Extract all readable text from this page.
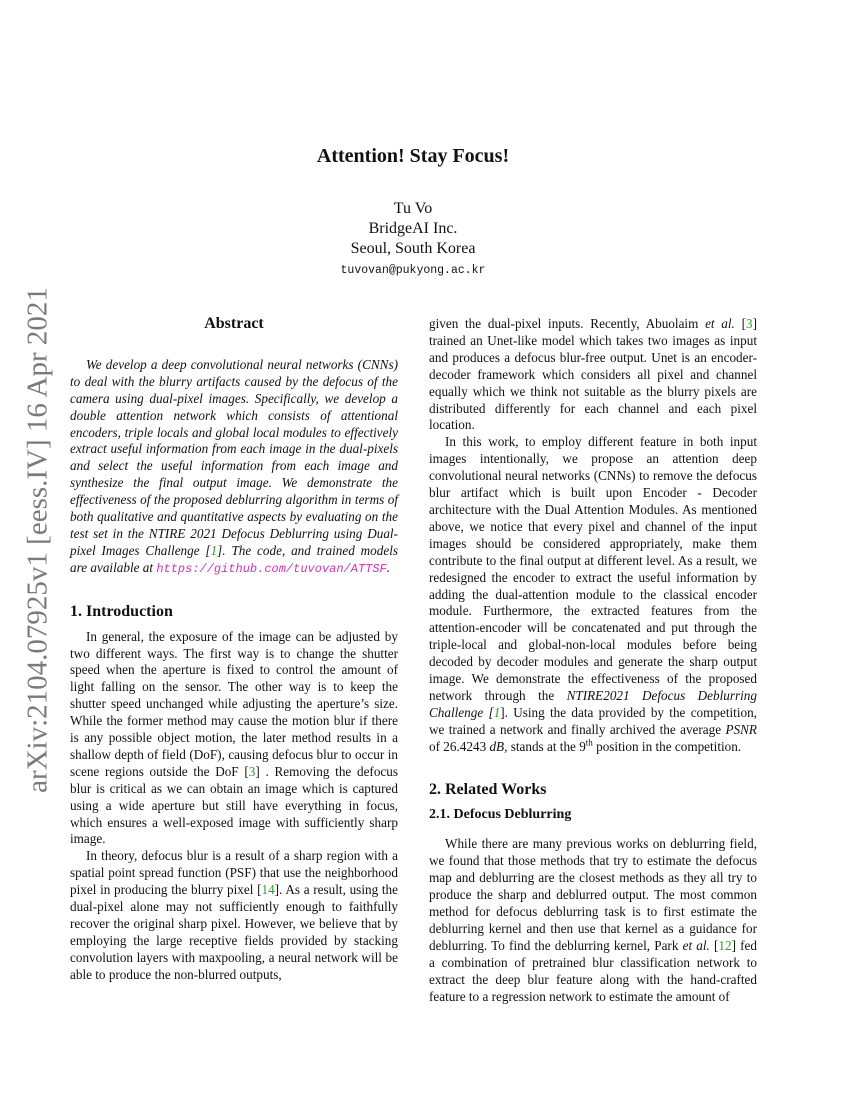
arXiv:2104.07925v1 [eess.IV] 16 Apr 2021
Attention! Stay Focus!
Tu Vo
BridgeAI Inc.
Seoul, South Korea
tuvovan@pukyong.ac.kr
Abstract

We develop a deep convolutional neural networks (CNNs) to deal with the blurry artifacts caused by the defocus of the camera using dual-pixel images. Specifically, we develop a double attention network which consists of attentional encoders, triple locals and global local modules to effectively extract useful information from each image in the dual-pixels and select the useful information from each image and synthesize the final output image. We demonstrate the effectiveness of the proposed deblurring algorithm in terms of both qualitative and quantitative aspects by evaluating on the test set in the NTIRE 2021 Defocus Deblurring using Dual-pixel Images Challenge [1]. The code, and trained models are available at https://github.com/tuvovan/ATTSF.

1. Introduction

In general, the exposure of the image can be adjusted by two different ways. The first way is to change the shutter speed when the aperture is fixed to control the amount of light falling on the sensor. The other way is to keep the shutter speed unchanged while adjusting the aperture’s size. While the former method may cause the motion blur if there is any possible object motion, the later method results in a shallow depth of field (DoF), causing defocus blur to occur in scene regions outside the DoF [3] . Removing the defocus blur is critical as we can obtain an image which is captured using a wide aperture but still have everything in focus, which ensures a well-exposed image with sufficiently sharp image.

In theory, defocus blur is a result of a sharp region with a spatial point spread function (PSF) that use the neighborhood pixel in producing the blurry pixel [14]. As a result, using the dual-pixel alone may not sufficiently enough to faithfully recover the original sharp pixel. However, we believe that by employing the large receptive fields provided by stacking convolution layers with maxpooling, a neural network will be able to produce the non-blurred outputs,

given the dual-pixel inputs. Recently, Abuolaim et al. [3] trained an Unet-like model which takes two images as input and produces a defocus blur-free output. Unet is an encoder-decoder framework which considers all pixel and channel equally which we think not suitable as the blurry pixels are distributed differently for each channel and each pixel location.

In this work, to employ different feature in both input images intentionally, we propose an attention deep convolutional neural networks (CNNs) to remove the defocus blur artifact which is built upon Encoder - Decoder architecture with the Dual Attention Modules. As mentioned above, we notice that every pixel and channel of the input images should be considered appropriately, make them contribute to the final output at different level. As a result, we redesigned the encoder to extract the useful information by adding the dual-attention module to the classical encoder module. Furthermore, the extracted features from the attention-encoder will be concatenated and put through the triple-local and global-non-local modules before being decoded by decoder modules and generate the sharp output image. We demonstrate the effectiveness of the proposed network through the NTIRE2021 Defocus Deblurring Challenge [1]. Using the data provided by the competition, we trained a network and finally archived the average PSNR of 26.4243 dB, stands at the 9th position in the competition.

2. Related Works
2.1. Defocus Deblurring

While there are many previous works on deblurring field, we found that those methods that try to estimate the defocus map and deblurring are the closest methods as they all try to produce the sharp and deblurred output. The most common method for defocus deblurring task is to first estimate the deblurring kernel and then use that kernel as a guidance for deblurring. To find the deblurring kernel, Park et al. [12] fed a combination of pretrained blur classification network to extract the deep blur feature along with the hand-crafted feature to a regression network to estimate the amount of
